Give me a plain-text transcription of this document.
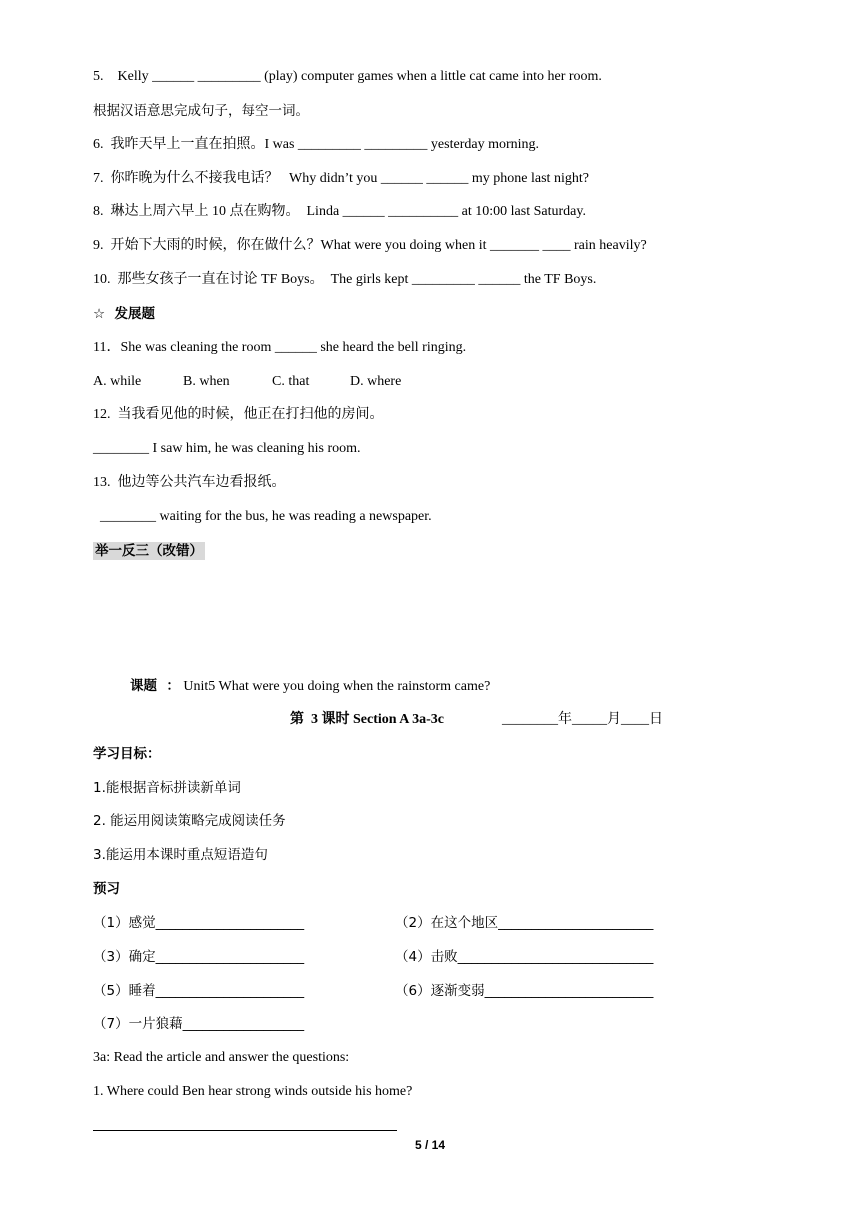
5.    Kelly ______ _________ (play) computer games when a little cat came into her room.
根据汉语意思完成句子，每空一词。
6.  我昨天早上一直在拍照。I was _________ _________ yesterday morning.
7.  你昨晚为什么不接我电话？   Why didn’t you ______ ______ my phone last night?
8.  琳达上周六早上 10 点在购物。  Linda ______ __________ at 10:00 last Saturday.
9.  开始下大雨的时候，你在做什么？What were you doing when it _______ ____ rain heavily?
10.  那些女孩子一直在讨论 TF Boys。  The girls kept _________ ______ the TF Boys.
☆  发展题
11．She was cleaning the room ______ she heard the bell ringing.
A. while	B. when	C. that	D. where
12.  当我看见他的时候，他正在打扫他的房间。
________ I saw him, he was cleaning his room.
13.  他边等公共汽车边看报纸。
________ waiting for the bus, he was reading a newspaper.
举一反三（改错）
课题  ： Unit5 What were you doing when the rainstorm came?
第  3 课时 Section A 3a-3c	________年_____月____日
学习目标：
1.能根据音标拼读新单词
2. 能运用阅读策略完成阅读任务
3.能运用本课时重点短语造句
预习
（1）感觉______________________	（2）在这个地区_______________________
（3）确定______________________	（4）击败_____________________________
（5）睡着______________________	（6）逐渐变弱_________________________
（7）一片狼藉__________________
3a: Read the article and answer the questions:
1. Where could Ben hear strong winds outside his home?
5 / 14
